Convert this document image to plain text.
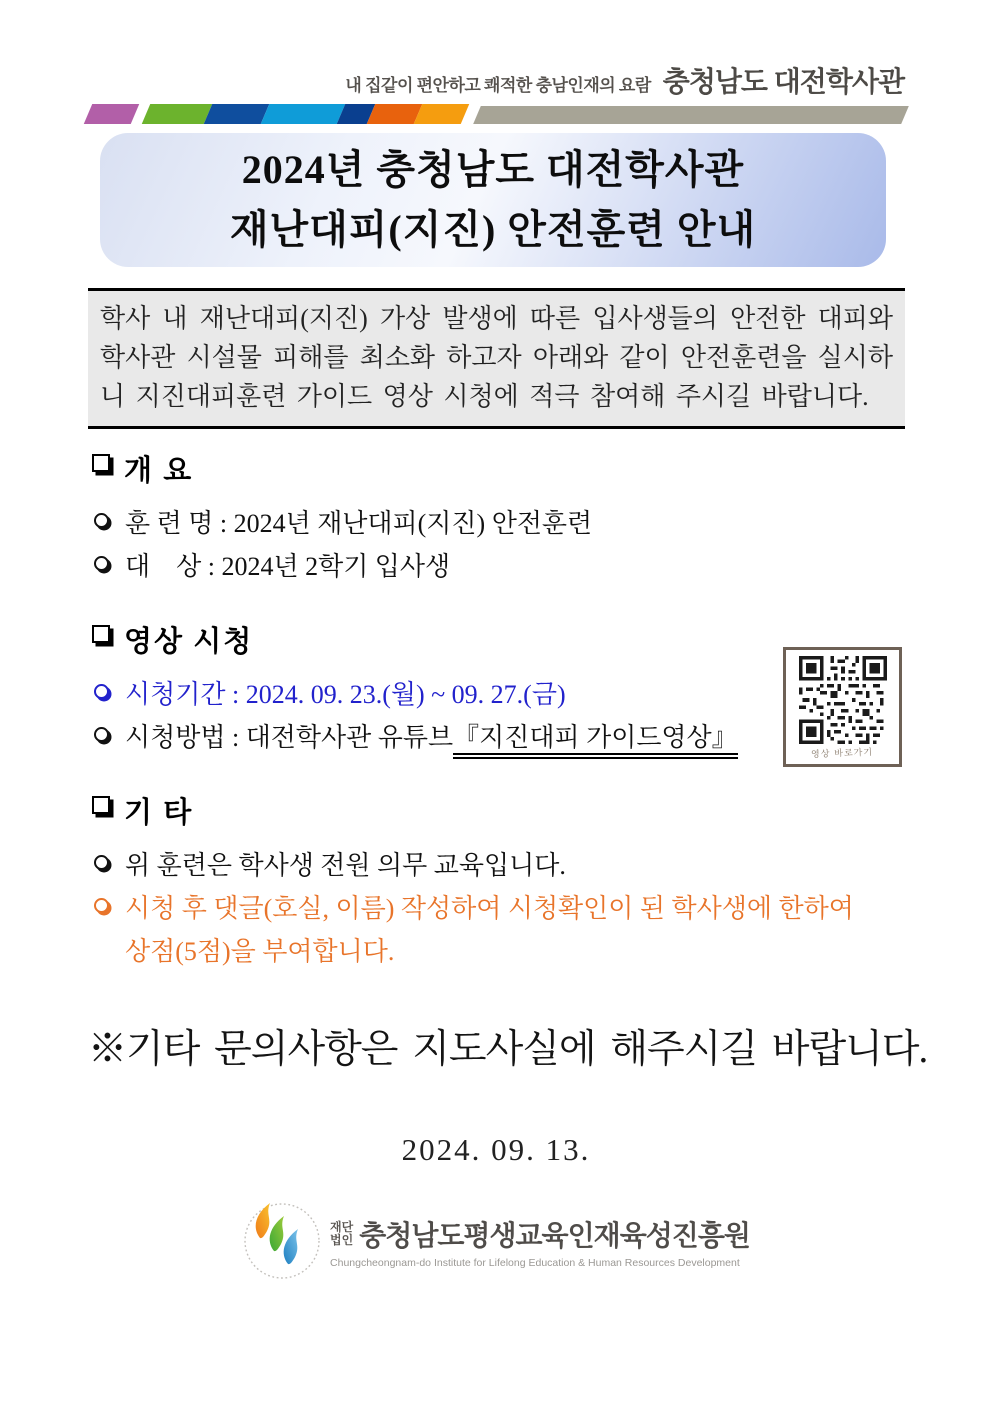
내 집같이 편안하고 쾌적한 충남인재의 요람 충청남도 대전학사관
2024년 충청남도 대전학사관
재난대피(지진) 안전훈련 안내
학사 내 재난대피(지진) 가상 발생에 따른 입사생들의 안전한 대피와 학사관 시설물 피해를 최소화 하고자 아래와 같이 안전훈련을 실시하니 지진대피훈련 가이드 영상 시청에 적극 참여해 주시길 바랍니다.
개 요
훈 련 명 : 2024년 재난대피(지진) 안전훈련
대    상 : 2024년 2학기 입사생
영상 시청
시청기간 : 2024. 09. 23.(월) ~ 09. 27.(금)
시청방법 : 대전학사관 유튜브『지진대피 가이드영상』
기 타
위 훈련은 학사생 전원 의무 교육입니다.
시청 후 댓글(호실, 이름) 작성하여 시청확인이 된 학사생에 한하여
상점(5점)을 부여합니다.
영상 바로가기
※기타 문의사항은 지도사실에 해주시길 바랍니다.
2024. 09. 13.
재단
법인 충청남도평생교육인재육성진흥원
Chungcheongnam-do Institute for Lifelong Education & Human Resources Development
